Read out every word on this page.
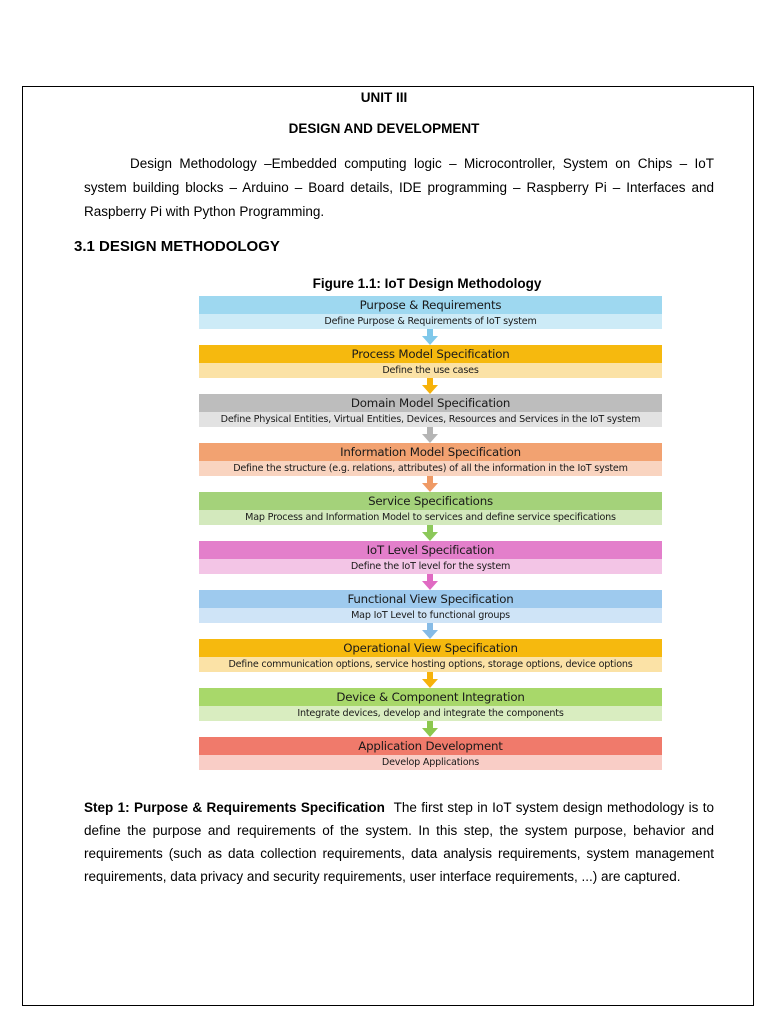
UNIT III
DESIGN AND DEVELOPMENT

Design Methodology –Embedded computing logic – Microcontroller, System on Chips – IoT system building blocks – Arduino – Board details, IDE programming – Raspberry Pi – Interfaces and Raspberry Pi with Python Programming.

3.1 DESIGN METHODOLOGY
Figure 1.1: IoT Design Methodology
Purpose & Requirements
Define Purpose & Requirements of IoT system
Process Model Specification
Define the use cases
Domain Model Specification
Define Physical Entities, Virtual Entities, Devices, Resources and Services in the IoT system
Information Model Specification
Define the structure (e.g. relations, attributes) of all the information in the IoT system
Service Specifications
Map Process and Information Model to services and define service specifications
IoT Level Specification
Define the IoT level for the system
Functional View Specification
Map IoT Level to functional groups
Operational View Specification
Define communication options, service hosting options, storage options, device options
Device & Component Integration
Integrate devices, develop and integrate the components
Application Development
Develop Applications

Step 1: Purpose & Requirements Specification The first step in IoT system design methodology is to define the purpose and requirements of the system. In this step, the system purpose, behavior and requirements (such as data collection requirements, data analysis requirements, system management requirements, data privacy and security requirements, user interface requirements, ...) are captured.
